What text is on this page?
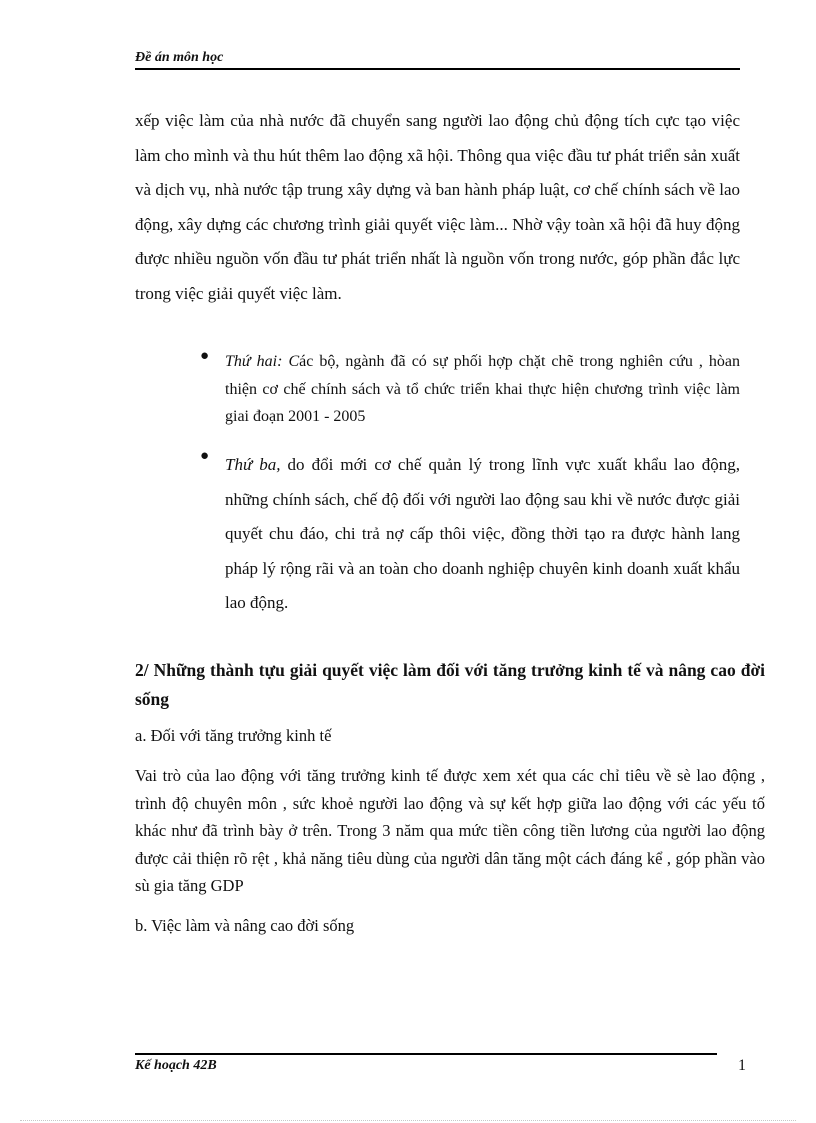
Đề án môn học

xếp việc làm của nhà nước đã chuyển sang người lao động chủ động tích cực tạo việc làm cho mình và thu hút thêm lao động xã hội. Thông qua việc đầu tư phát triển sản xuất và dịch vụ, nhà nước tập trung xây dựng và ban hành pháp luật, cơ chế chính sách về lao động, xây dựng các chương trình giải quyết việc làm... Nhờ vậy toàn xã hội đã huy động được nhiều nguồn vốn đầu tư phát triển nhất là nguồn vốn trong nước, góp phần đắc lực trong việc giải quyết việc làm.

● Thứ hai: Các bộ, ngành đã có sự phối hợp chặt chẽ trong nghiên cứu , hòan thiện cơ chế chính sách và tổ chức triển khai thực hiện chương trình việc làm giai đoạn 2001 - 2005
● Thứ ba, do đổi mới cơ chế quản lý trong lĩnh vực xuất khẩu lao động, những chính sách, chế độ đối với người lao động sau khi về nước được giải quyết chu đáo, chi trả nợ cấp thôi việc, đồng thời tạo ra được hành lang pháp lý rộng rãi và an toàn cho doanh nghiệp chuyên kinh doanh xuất khẩu lao động.
2/ Những thành tựu giải quyết việc làm đối với tăng trưởng kinh tế và nâng cao đời sống

a. Đối với tăng trưởng kinh tế

Vai trò của lao động với tăng trưởng kinh tế được xem xét qua các chỉ tiêu về sè lao động , trình độ chuyên môn , sức khoẻ người lao động và sự kết hợp giữa lao động với các yếu tố khác như đã trình bày ở trên. Trong 3 năm qua mức tiền công tiền lương của người lao động được cải thiện rõ rệt , khả năng tiêu dùng của người dân tăng một cách đáng kể , góp phần vào sù gia tăng GDP

b. Việc làm và nâng cao đời sống

Kế hoạch 42B	1
